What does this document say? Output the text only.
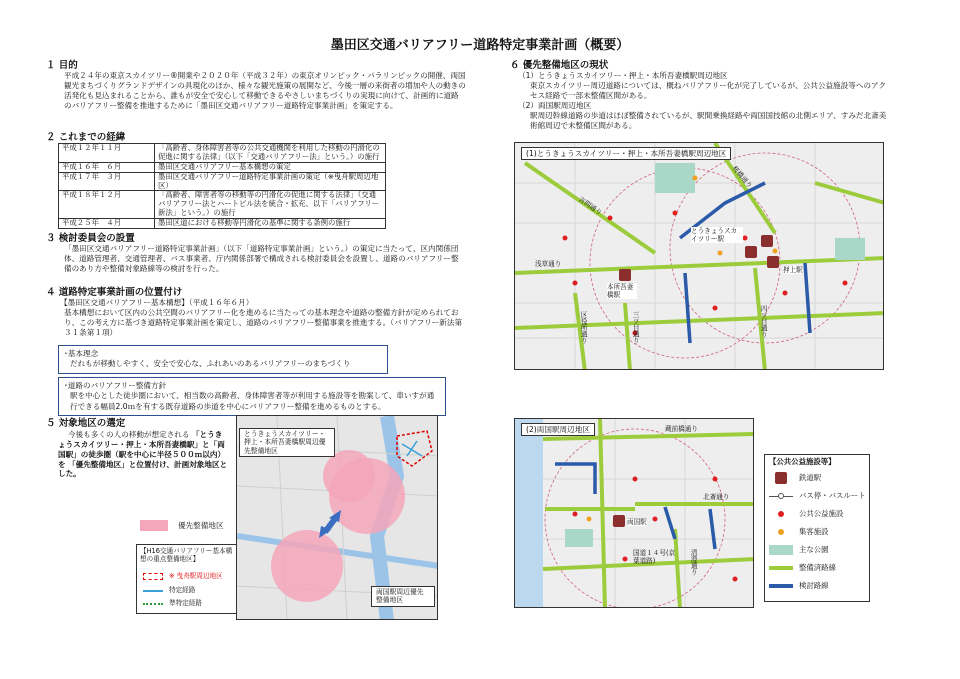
墨田区交通バリアフリー道路特定事業計画（概要）
１ 目的
平成２４年の東京スカイツリー®開業や２０２０年（平成３２年）の東京オリンピック・パラリンピックの開催、両国観光まちづくりグランドデザインの具現化のほか、様々な観光施策の展開など、今後一層の来街者の増加や人の動きの活発化も見込まれることから、誰もが安全で安心して移動できるやさしいまちづくりの実現に向けて、計画的に道路のバリアフリー整備を推進するために「墨田区交通バリアフリー道路特定事業計画」を策定する。
２ これまでの経緯
平成１２年１１月	「高齢者、身体障害者等の公共交通機関を利用した移動の円滑化の促進に関する法律」（以下「交通バリアフリー法」という。）の施行
平成１６年　６月	墨田区交通バリアフリー基本構想の策定
平成１７年　３月	墨田区交通バリアフリー道路特定事業計画の策定（※曳舟駅周辺地区）
平成１８年１２月	「高齢者、障害者等の移動等の円滑化の促進に関する法律」（交通バリアフリー法とハートビル法を統合・拡充、以下「バリアフリー新法」という。）の施行
平成２５年　４月	墨田区道における移動等円滑化の基準に関する条例の施行
３ 検討委員会の設置
「墨田区交通バリアフリー道路特定事業計画」（以下「道路特定事業計画」という。）の策定に当たって、区内関係団体、道路管理者、交通管理者、バス事業者、庁内関係部署で構成される検討委員会を設置し、道路のバリアフリー整備のあり方や整備対象路線等の検討を行った。
４ 道路特定事業計画の位置付け
【墨田区交通バリアフリー基本構想】（平成１６年６月）
基本構想において区内の公共空間のバリアフリー化を進めるに当たっての基本理念や道路の整備方針が定められており、この考え方に基づき道路特定事業計画を策定し、道路のバリアフリー整備事業を推進する。（バリアフリー新法第３１条第１項）
･基本理念
だれもが移動しやすく、安全で安心な、ふれあいのあるバリアフリーのまちづくり
･道路のバリアフリー整備方針
駅を中心とした徒歩圏において、相当数の高齢者、身体障害者等が利用する施設等を勘案して、車いすが通行できる幅員2.0ｍを有する既存道路の歩道を中心にバリアフリー整備を進めるものとする。
５ 対象地区の選定
今後も多くの人の移動が想定される 「とうきょうスカイツリー・押上・本所吾妻橋駅」と「両国駅」の徒歩圏（駅を中心に半径５００ｍ以内）を 「優先整備地区」と位置付け、計画対象地区とした。
優先整備地区
【H16交通バリアフリー基本構想の重点整備地区】
※ 曳舟駅周辺地区
特定経路
準特定経路
とうきょうスカイツリー・押上・本所吾妻橋駅周辺優先整備地区
両国駅周辺優先整備地区
６ 優先整備地区の現状
（1）とうきょうスカイツリー・押上・本所吾妻橋駅周辺地区
東京スカイツリー周辺道路については、概ねバリアフリー化が完了しているが、公共公益施設等へのアクセス経路で一部未整備区間がある。
（2）両国駅周辺地区
駅周辺幹線道路の歩道はほぼ整備されているが、駅間乗換経路や両国国技館の北側エリア、すみだ北斎美術館周辺で未整備区間がある。
(1)とうきょうスカイツリー・押上・本所吾妻橋駅周辺地区
言問通り
浅草通り
桜橋通り
区役所通り	三ツ目通り	四ツ目通り
押上駅
本所吾妻橋駅
とうきょうスカイツリー駅
(2)両国駅周辺地区	蔵前橋通り
清澄通り
北斎通り
国道１４号(京葉道路)
両国駅
【公共公益施設等】
鉄道駅
バス停・バスルート
公共公益施設
集客施設
主な公園
整備済路線
検討路線
